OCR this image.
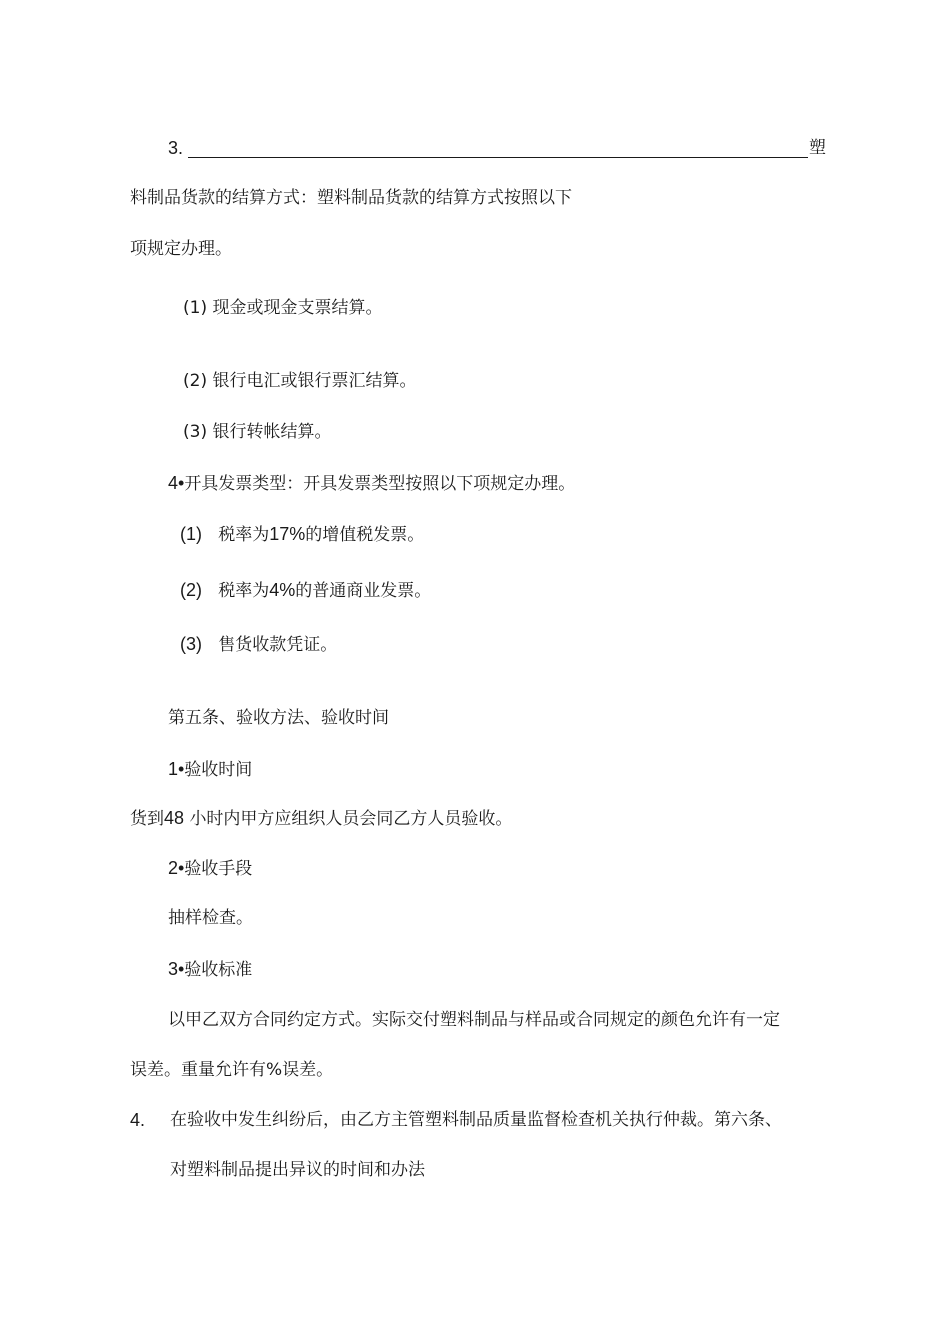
3.	塑
料制品货款的结算方式：塑料制品货款的结算方式按照以下
项规定办理。
(1) 现金或现金支票结算。
(2) 银行电汇或银行票汇结算。
(3) 银行转帐结算。
4•开具发票类型：开具发票类型按照以下项规定办理。
(1) 税率为17%的增值税发票。
(2) 税率为4%的普通商业发票。
(3) 售货收款凭证。
第五条、验收方法、验收时间
1•验收时间
货到48 小时内甲方应组织人员会同乙方人员验收。
2•验收手段
抽样检查。
3•验收标准
以甲乙双方合同约定方式。实际交付塑料制品与样品或合同规定的颜色允许有一定
误差。重量允许有%误差。
4. 在验收中发生纠纷后，由乙方主管塑料制品质量监督检查机关执行仲裁。第六条、
对塑料制品提出异议的时间和办法
